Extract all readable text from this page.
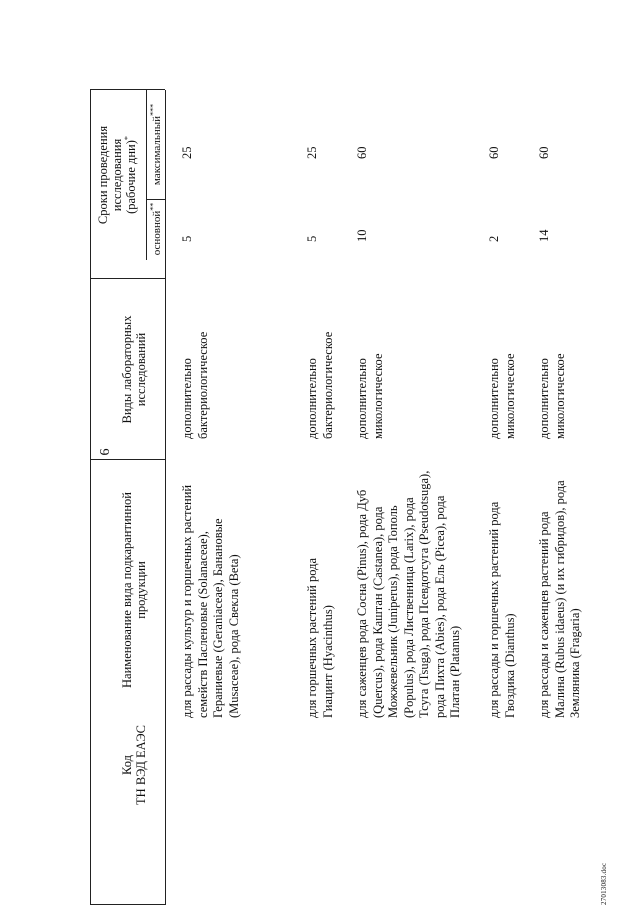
6
Код ТН ВЭД ЕАЭС
Наименование вида подкарантинной продукции
Виды лабораторных исследований
Сроки проведения исследования (рабочие дни)*
основной**
максимальный***
для рассады культур и горшечных растений семейств Пасленовые (Solanaceae), Гераниевые (Geraniaceae), Банановые (Musaceae), рода Свекла (Beta)
дополнительно бактериологическое
5
25
для горшечных растений рода Гиацинт (Hyacinthus)
дополнительно бактериологическое
5
25
для саженцев рода Сосна (Pinus), рода Дуб (Quercus), рода Каштан (Castanea), рода Можжевельник (Juniperus), рода Тополь (Populus), рода Лиственница (Larix), рода Тсуга (Tsuga), рода Псевдотсуга (Pseudotsuga), рода Пихта (Abies), рода Ель (Picea), рода Платан (Platanus)
дополнительно микологическое
10
60
для рассады и горшечных растений рода Гвоздика (Dianthus)
дополнительно микологическое
2
60
для рассады и саженцев растений рода Малина (Rubus idaeus) (и их гибридов), рода Земляника (Fragaria)
дополнительно микологическое
14
60
27013083.doc
